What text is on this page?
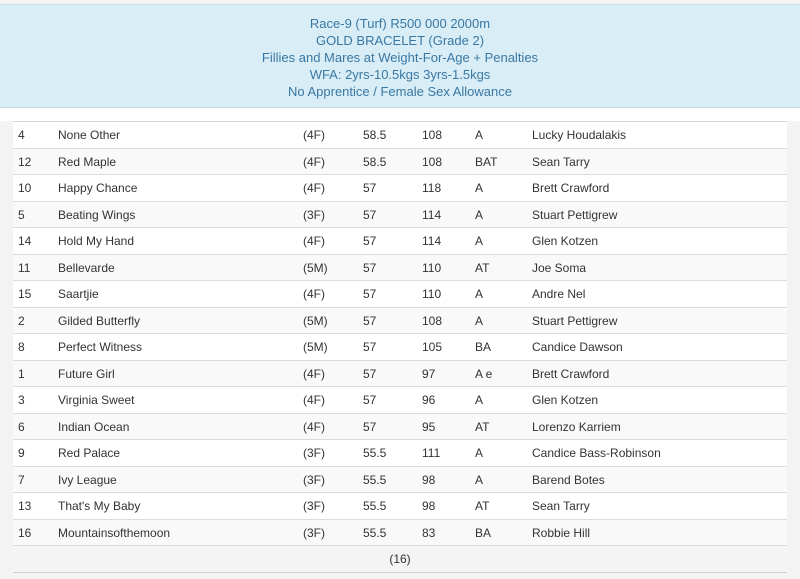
Race-9 (Turf) R500 000 2000m
GOLD BRACELET (Grade 2)
Fillies and Mares at Weight-For-Age + Penalties
WFA: 2yrs-10.5kgs 3yrs-1.5kgs
No Apprentice / Female Sex Allowance
4	None Other	(4F)	58.5	108	A	Lucky Houdalakis
12 Red Maple	(4F)	58.5	108	BAT	Sean Tarry
10 Happy Chance	(4F)	57	118	A	Brett Crawford
5	Beating Wings	(3F)	57	114	A	Stuart Pettigrew
14 Hold My Hand	(4F)	57	114	A	Glen Kotzen
11 Bellevarde	(5M)	57	110	AT	Joe Soma
15 Saartjie	(4F)	57	110	A	Andre Nel
2	Gilded Butterfly	(5M)	57	108	A	Stuart Pettigrew
8	Perfect Witness	(5M)	57	105	BA	Candice Dawson
1	Future Girl	(4F)	57	97	A e	Brett Crawford
3	Virginia Sweet	(4F)	57	96	A	Glen Kotzen
6	Indian Ocean	(4F)	57	95	AT	Lorenzo Karriem
9	Red Palace	(3F)	55.5	111	A	Candice Bass-Robinson
7	Ivy League	(3F)	55.5	98	A	Barend Botes
13 That's My Baby	(3F)	55.5	98	AT	Sean Tarry
16 Mountainsofthemoon	(3F)	55.5	83	BA	Robbie Hill
(16)
